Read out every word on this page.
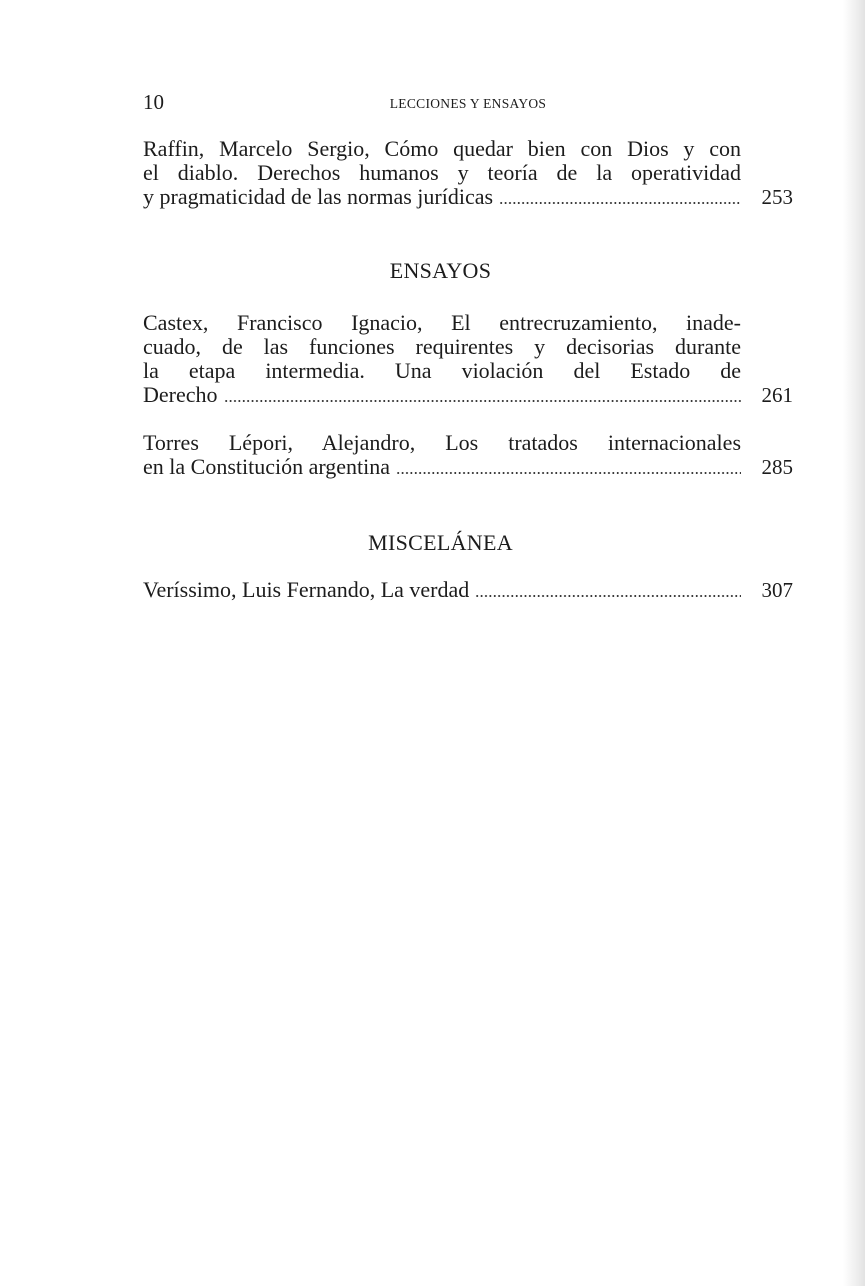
10	LECCIONES Y ENSAYOS
Raffin, Marcelo Sergio, Cómo quedar bien con Dios y con
el diablo. Derechos humanos y teoría de la operatividad
y pragmaticidad de las normas jurídicas	253
ENSAYOS
Castex, Francisco Ignacio, El entrecruzamiento, inade-
cuado, de las funciones requirentes y decisorias durante
la etapa intermedia. Una violación del Estado de
Derecho	261
Torres Lépori, Alejandro, Los tratados internacionales
en la Constitución argentina	285
MISCELÁNEA
Veríssimo, Luis Fernando, La verdad	307
